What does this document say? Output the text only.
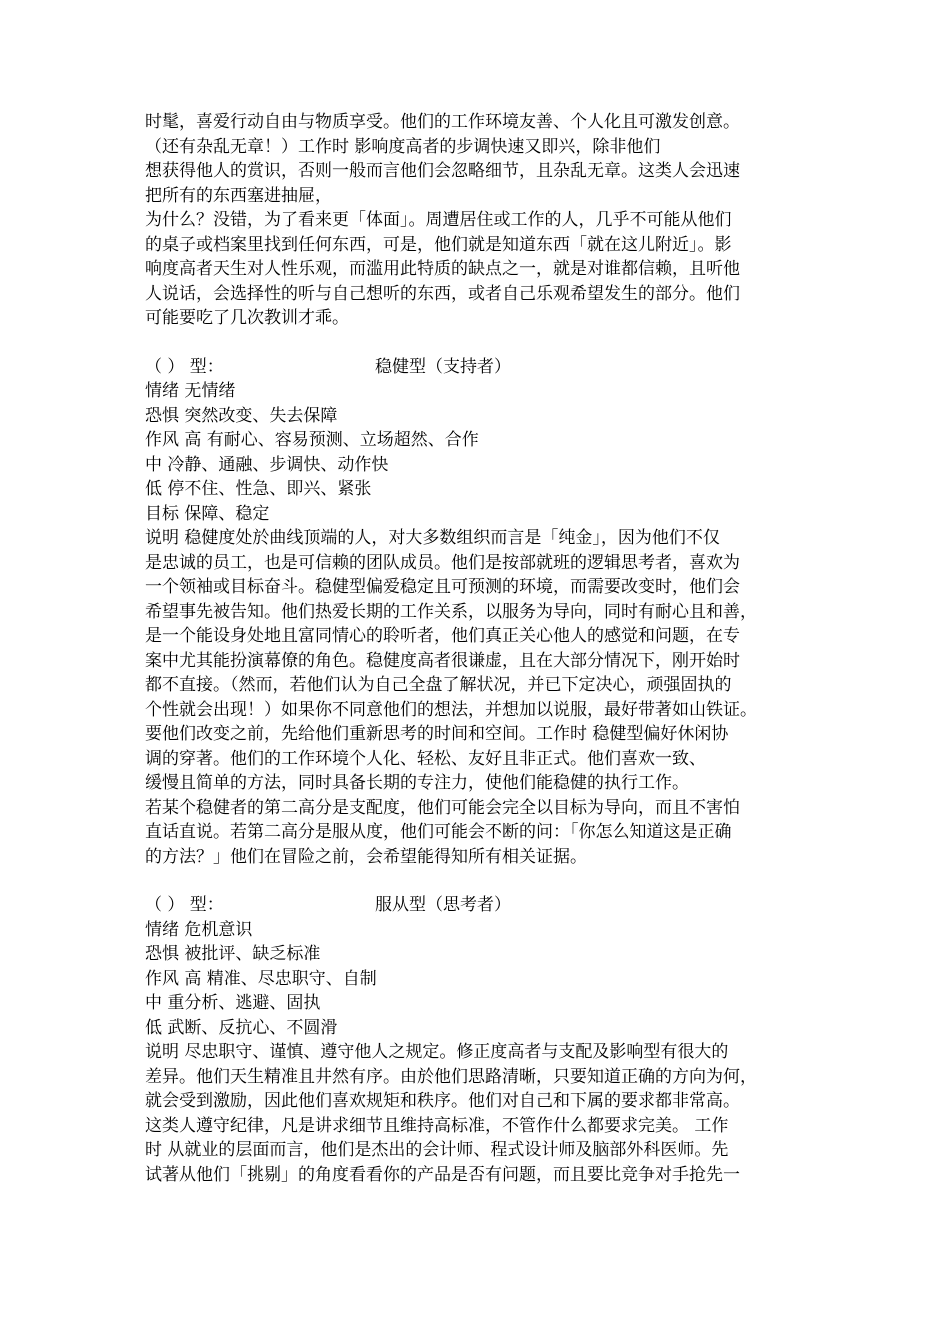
时髦，喜爱行动自由与物质享受。他们的工作环境友善、个人化且可激发创意。

（还有杂乱无章！）工作时 影响度高者的步调快速又即兴，除非他们

想获得他人的赏识，否则一般而言他们会忽略细节，且杂乱无章。这类人会迅速

把所有的东西塞进抽屉，

为什么？没错，为了看来更「体面」。周遭居住或工作的人，几乎不可能从他们

的桌子或档案里找到任何东西，可是，他们就是知道东西「就在这儿附近」。影

响度高者天生对人性乐观，而滥用此特质的缺点之一，就是对谁都信赖，且听他

人说话，会选择性的听与自己想听的东西，或者自己乐观希望发生的部分。他们

可能要吃了几次教训才乖。

（ ） 型：	稳健型（支持者）

情绪 无情绪

恐惧 突然改变、失去保障

作风 高 有耐心、容易预测、立场超然、合作

中 冷静、通融、步调快、动作快

低 停不住、性急、即兴、紧张

目标 保障、稳定

说明 稳健度处於曲线顶端的人，对大多数组织而言是「纯金」，因为他们不仅

是忠诚的员工，也是可信赖的团队成员。他们是按部就班的逻辑思考者，喜欢为

一个领袖或目标奋斗。稳健型偏爱稳定且可预测的环境，而需要改变时，他们会

希望事先被告知。他们热爱长期的工作关系，以服务为导向，同时有耐心且和善，

是一个能设身处地且富同情心的聆听者，他们真正关心他人的感觉和问题，在专

案中尤其能扮演幕僚的角色。稳健度高者很谦虚，且在大部分情况下，刚开始时

都不直接。（然而，若他们认为自己全盘了解状况，并已下定决心，顽强固执的

个性就会出现！）如果你不同意他们的想法，并想加以说服，最好带著如山铁证。

要他们改变之前，先给他们重新思考的时间和空间。工作时 稳健型偏好休闲协

调的穿著。他们的工作环境个人化、轻松、友好且非正式。他们喜欢一致、

缓慢且简单的方法，同时具备长期的专注力，使他们能稳健的执行工作。

若某个稳健者的第二高分是支配度，他们可能会完全以目标为导向，而且不害怕

直话直说。若第二高分是服从度，他们可能会不断的问：「你怎么知道这是正确

的方法？」他们在冒险之前，会希望能得知所有相关证据。

（ ） 型：	服从型（思考者）

情绪 危机意识

恐惧 被批评、缺乏标准

作风 高 精准、尽忠职守、自制

中 重分析、逃避、固执

低 武断、反抗心、不圆滑

说明 尽忠职守、谨慎、遵守他人之规定。修正度高者与支配及影响型有很大的

差异。他们天生精准且井然有序。由於他们思路清晰，只要知道正确的方向为何，

就会受到激励，因此他们喜欢规矩和秩序。他们对自己和下属的要求都非常高。

这类人遵守纪律，凡是讲求细节且维持高标准，不管作什么都要求完美。 工作

时 从就业的层面而言，他们是杰出的会计师、程式设计师及脑部外科医师。先

试著从他们「挑剔」的角度看看你的产品是否有问题，而且要比竞争对手抢先一
